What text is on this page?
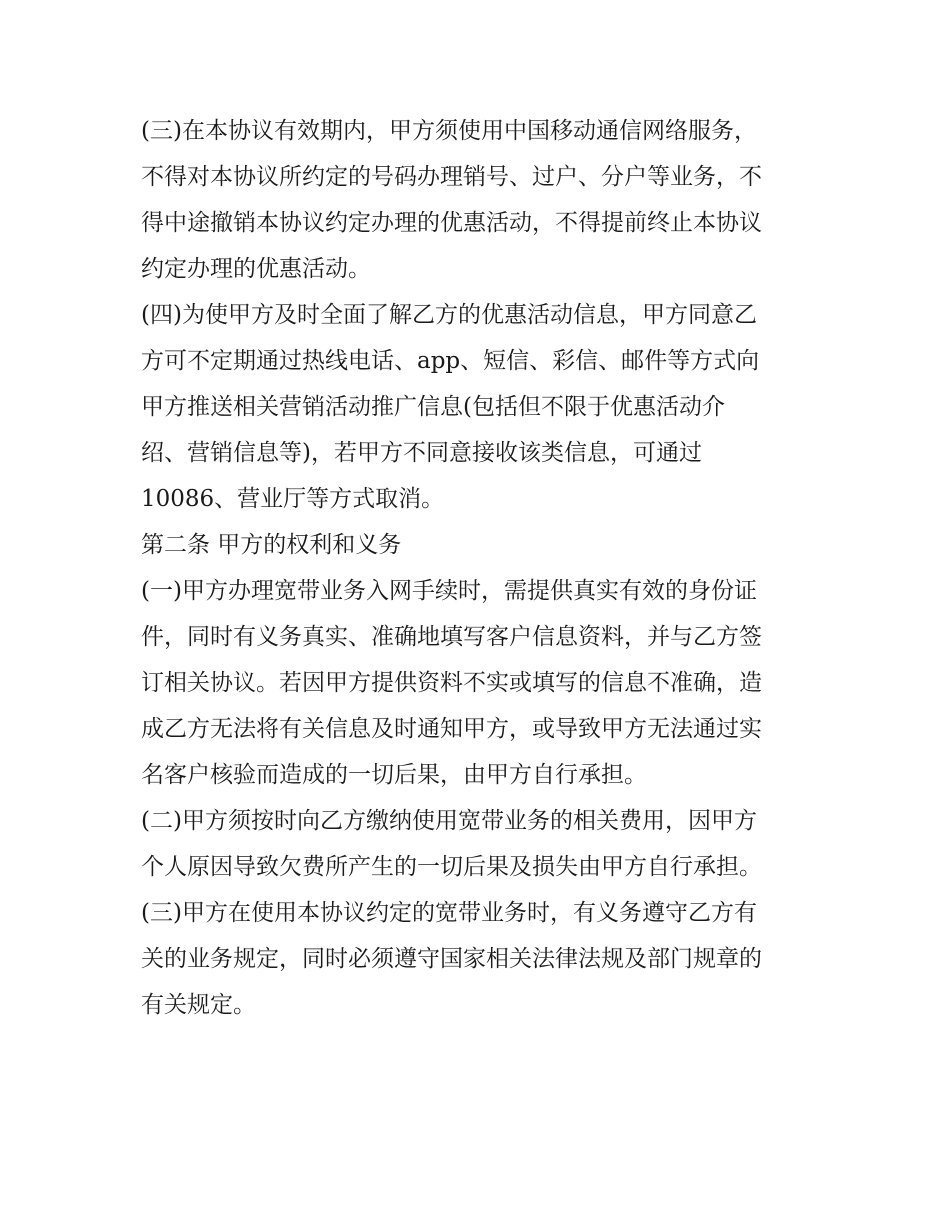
(三)在本协议有效期内，甲方须使用中国移动通信网络服务，
不得对本协议所约定的号码办理销号、过户、分户等业务，不
得中途撤销本协议约定办理的优惠活动，不得提前终止本协议
约定办理的优惠活动。
(四)为使甲方及时全面了解乙方的优惠活动信息，甲方同意乙
方可不定期通过热线电话、app、短信、彩信、邮件等方式向
甲方推送相关营销活动推广信息(包括但不限于优惠活动介
绍、营销信息等)，若甲方不同意接收该类信息，可通过
10086、营业厅等方式取消。
第二条 甲方的权利和义务
(一)甲方办理宽带业务入网手续时，需提供真实有效的身份证
件，同时有义务真实、准确地填写客户信息资料，并与乙方签
订相关协议。若因甲方提供资料不实或填写的信息不准确，造
成乙方无法将有关信息及时通知甲方，或导致甲方无法通过实
名客户核验而造成的一切后果，由甲方自行承担。
(二)甲方须按时向乙方缴纳使用宽带业务的相关费用，因甲方
个人原因导致欠费所产生的一切后果及损失由甲方自行承担。
(三)甲方在使用本协议约定的宽带业务时，有义务遵守乙方有
关的业务规定，同时必须遵守国家相关法律法规及部门规章的
有关规定。
